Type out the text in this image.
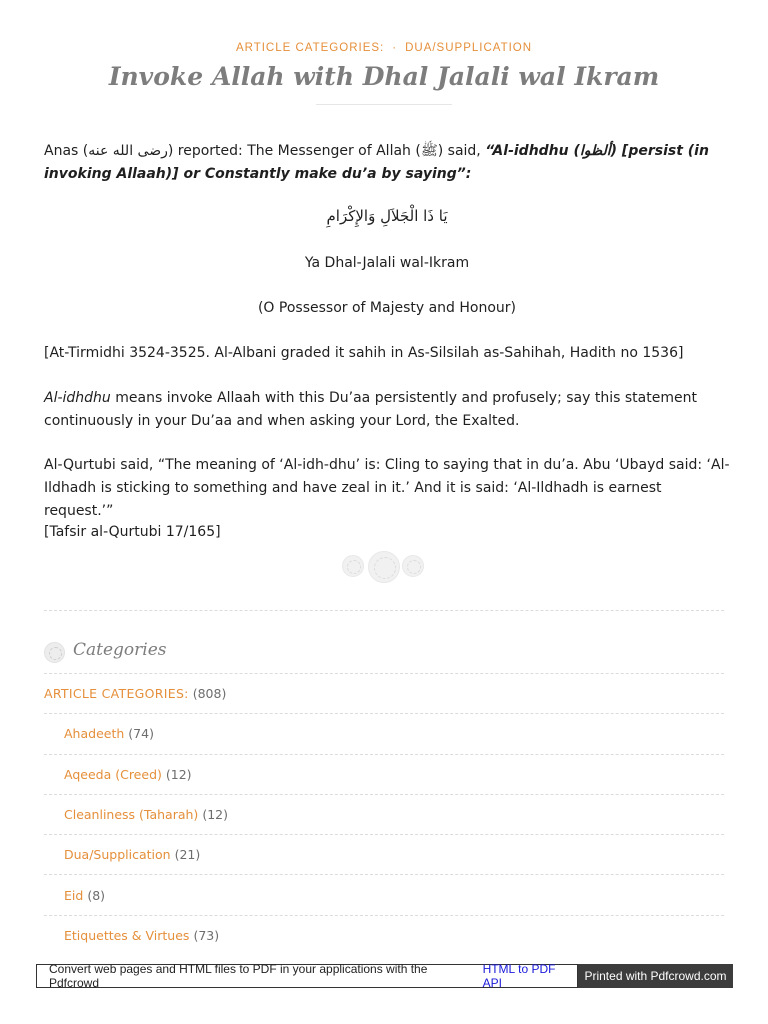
ARTICLE CATEGORIES: · DUA/SUPPLICATION
Invoke Allah with Dhal Jalali wal Ikram

Anas (رضى الله عنه) reported: The Messenger of Allah (ﷺ) said, “Al-idhdhu (ألظوا) [persist (in invoking Allaah)] or Constantly make du’a by saying”:

يَا ذَا الْجَلاَلِ وَالإِكْرَامِ

Ya Dhal-Jalali wal-Ikram

(O Possessor of Majesty and Honour)

[At-Tirmidhi 3524-3525. Al-Albani graded it sahih in As-Silsilah as-Sahihah, Hadith no 1536]

Al-idhdhu means invoke Allaah with this Du’aa persistently and profusely; say this statement continuously in your Du’aa and when asking your Lord, the Exalted.

Al-Qurtubi said, “The meaning of ‘Al-idh-dhu’ is: Cling to saying that in du’a. Abu ‘Ubayd said: ‘Al-Ildhadh is sticking to something and have zeal in it.’ And it is said: ‘Al-Ildhadh is earnest request.’”

[Tafsir al-Qurtubi 17/165]

Categories
ARTICLE CATEGORIES: (808)
Ahadeeth (74)
Aqeeda (Creed) (12)
Cleanliness (Taharah) (12)
Dua/Supplication (21)
Eid (8)
Etiquettes & Virtues (73)
Convert web pages and HTML files to PDF in your applications with the Pdfcrowd
HTML to PDF API	Printed with Pdfcrowd.com
